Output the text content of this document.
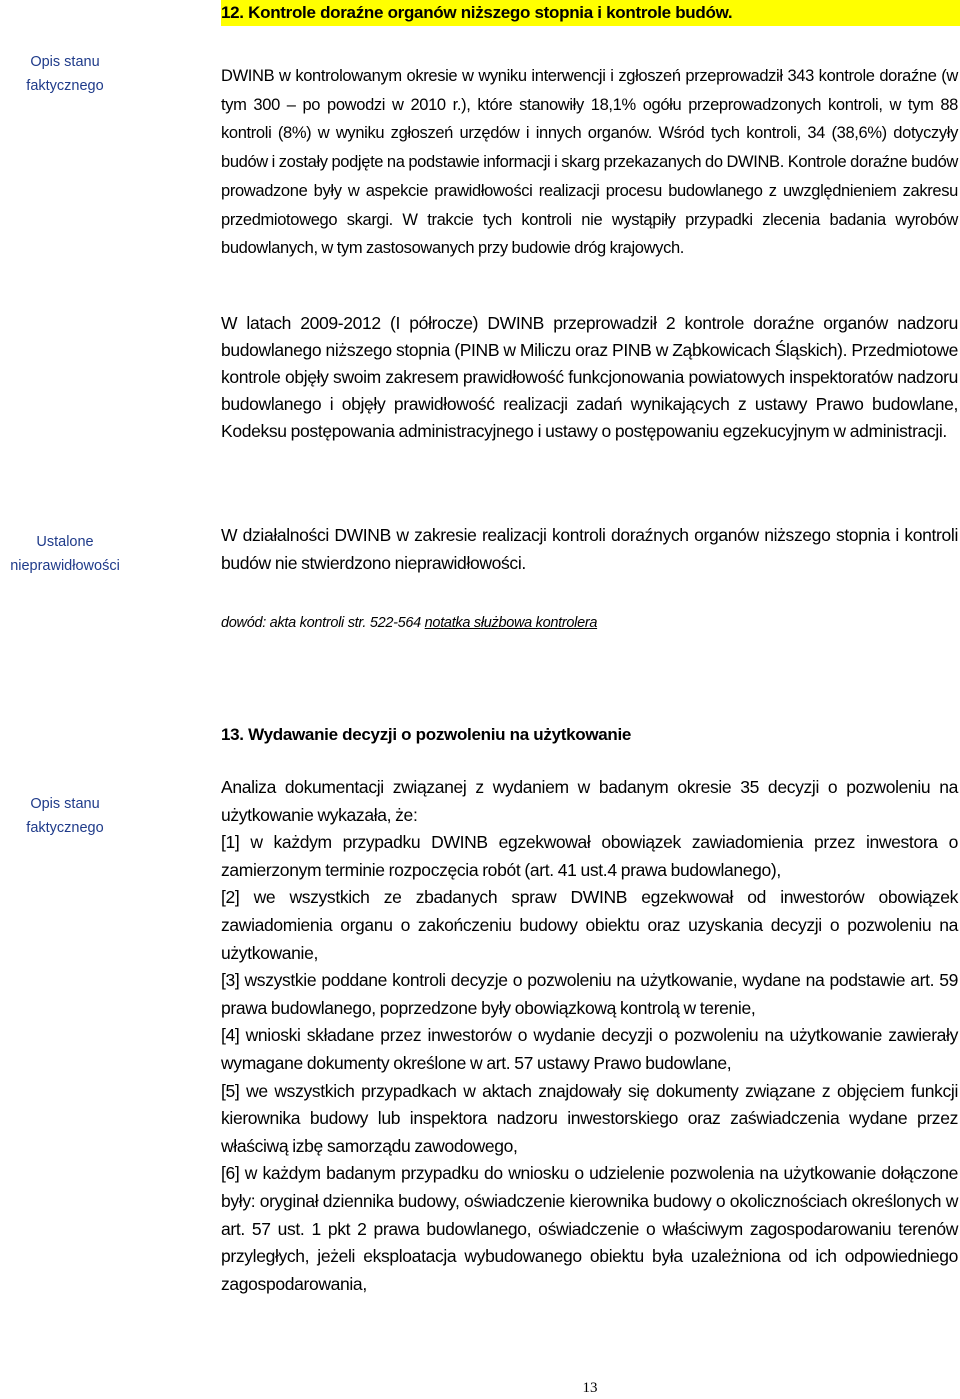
12. Kontrole doraźne organów niższego stopnia i kontrole budów.
Opis stanu
faktycznego

DWINB w kontrolowanym okresie w wyniku interwencji i zgłoszeń przeprowadził 343 kontrole doraźne (w tym 300 – po powodzi w 2010 r.), które stanowiły 18,1% ogółu przeprowadzonych kontroli, w tym 88 kontroli (8%) w wyniku zgłoszeń urzędów i innych organów. Wśród tych kontroli, 34 (38,6%) dotyczyły budów i zostały podjęte na podstawie informacji i skarg przekazanych do DWINB. Kontrole doraźne budów prowadzone były w aspekcie prawidłowości realizacji procesu budowlanego z uwzględnieniem zakresu przedmiotowego skargi. W trakcie tych kontroli nie wystąpiły przypadki zlecenia badania wyrobów budowlanych, w tym zastosowanych przy budowie dróg krajowych.

W latach 2009-2012 (I półrocze) DWINB przeprowadził 2 kontrole doraźne organów nadzoru budowlanego niższego stopnia (PINB w Miliczu oraz PINB w Ząbkowicach Śląskich). Przedmiotowe kontrole objęły swoim zakresem prawidłowość funkcjonowania powiatowych inspektoratów nadzoru budowlanego i objęły prawidłowość realizacji zadań wynikających z ustawy Prawo budowlane, Kodeksu postępowania administracyjnego i ustawy o postępowaniu egzekucyjnym w administracji.

Ustalone
nieprawidłowości

W działalności DWINB w zakresie realizacji kontroli doraźnych organów niższego stopnia i kontroli budów nie stwierdzono nieprawidłowości.

dowód: akta kontroli str. 522-564 notatka służbowa kontrolera
13. Wydawanie decyzji o pozwoleniu na użytkowanie
Opis stanu
faktycznego

Analiza dokumentacji związanej z wydaniem w badanym okresie 35 decyzji o pozwoleniu na użytkowanie wykazała, że:

[1] w każdym przypadku DWINB egzekwował obowiązek zawiadomienia przez inwestora o zamierzonym terminie rozpoczęcia robót (art. 41 ust.4 prawa budowlanego),

[2] we wszystkich ze zbadanych spraw DWINB egzekwował od inwestorów obowiązek zawiadomienia organu o zakończeniu budowy obiektu oraz uzyskania decyzji o pozwoleniu na użytkowanie,

[3] wszystkie poddane kontroli decyzje o pozwoleniu na użytkowanie, wydane na podstawie art. 59 prawa budowlanego, poprzedzone były obowiązkową kontrolą w terenie,

[4] wnioski składane przez inwestorów o wydanie decyzji o pozwoleniu na użytkowanie zawierały wymagane dokumenty określone w art. 57 ustawy Prawo budowlane,

[5] we wszystkich przypadkach w aktach znajdowały się dokumenty związane z objęciem funkcji kierownika budowy lub inspektora nadzoru inwestorskiego oraz zaświadczenia wydane przez właściwą izbę samorządu zawodowego,

[6] w każdym badanym przypadku do wniosku o udzielenie pozwolenia na użytkowanie dołączone były: oryginał dziennika budowy, oświadczenie kierownika budowy o okolicznościach określonych w art. 57 ust. 1 pkt 2 prawa budowlanego, oświadczenie o właściwym zagospodarowaniu terenów przyległych, jeżeli eksploatacja wybudowanego obiektu była uzależniona od ich odpowiedniego zagospodarowania,

13
